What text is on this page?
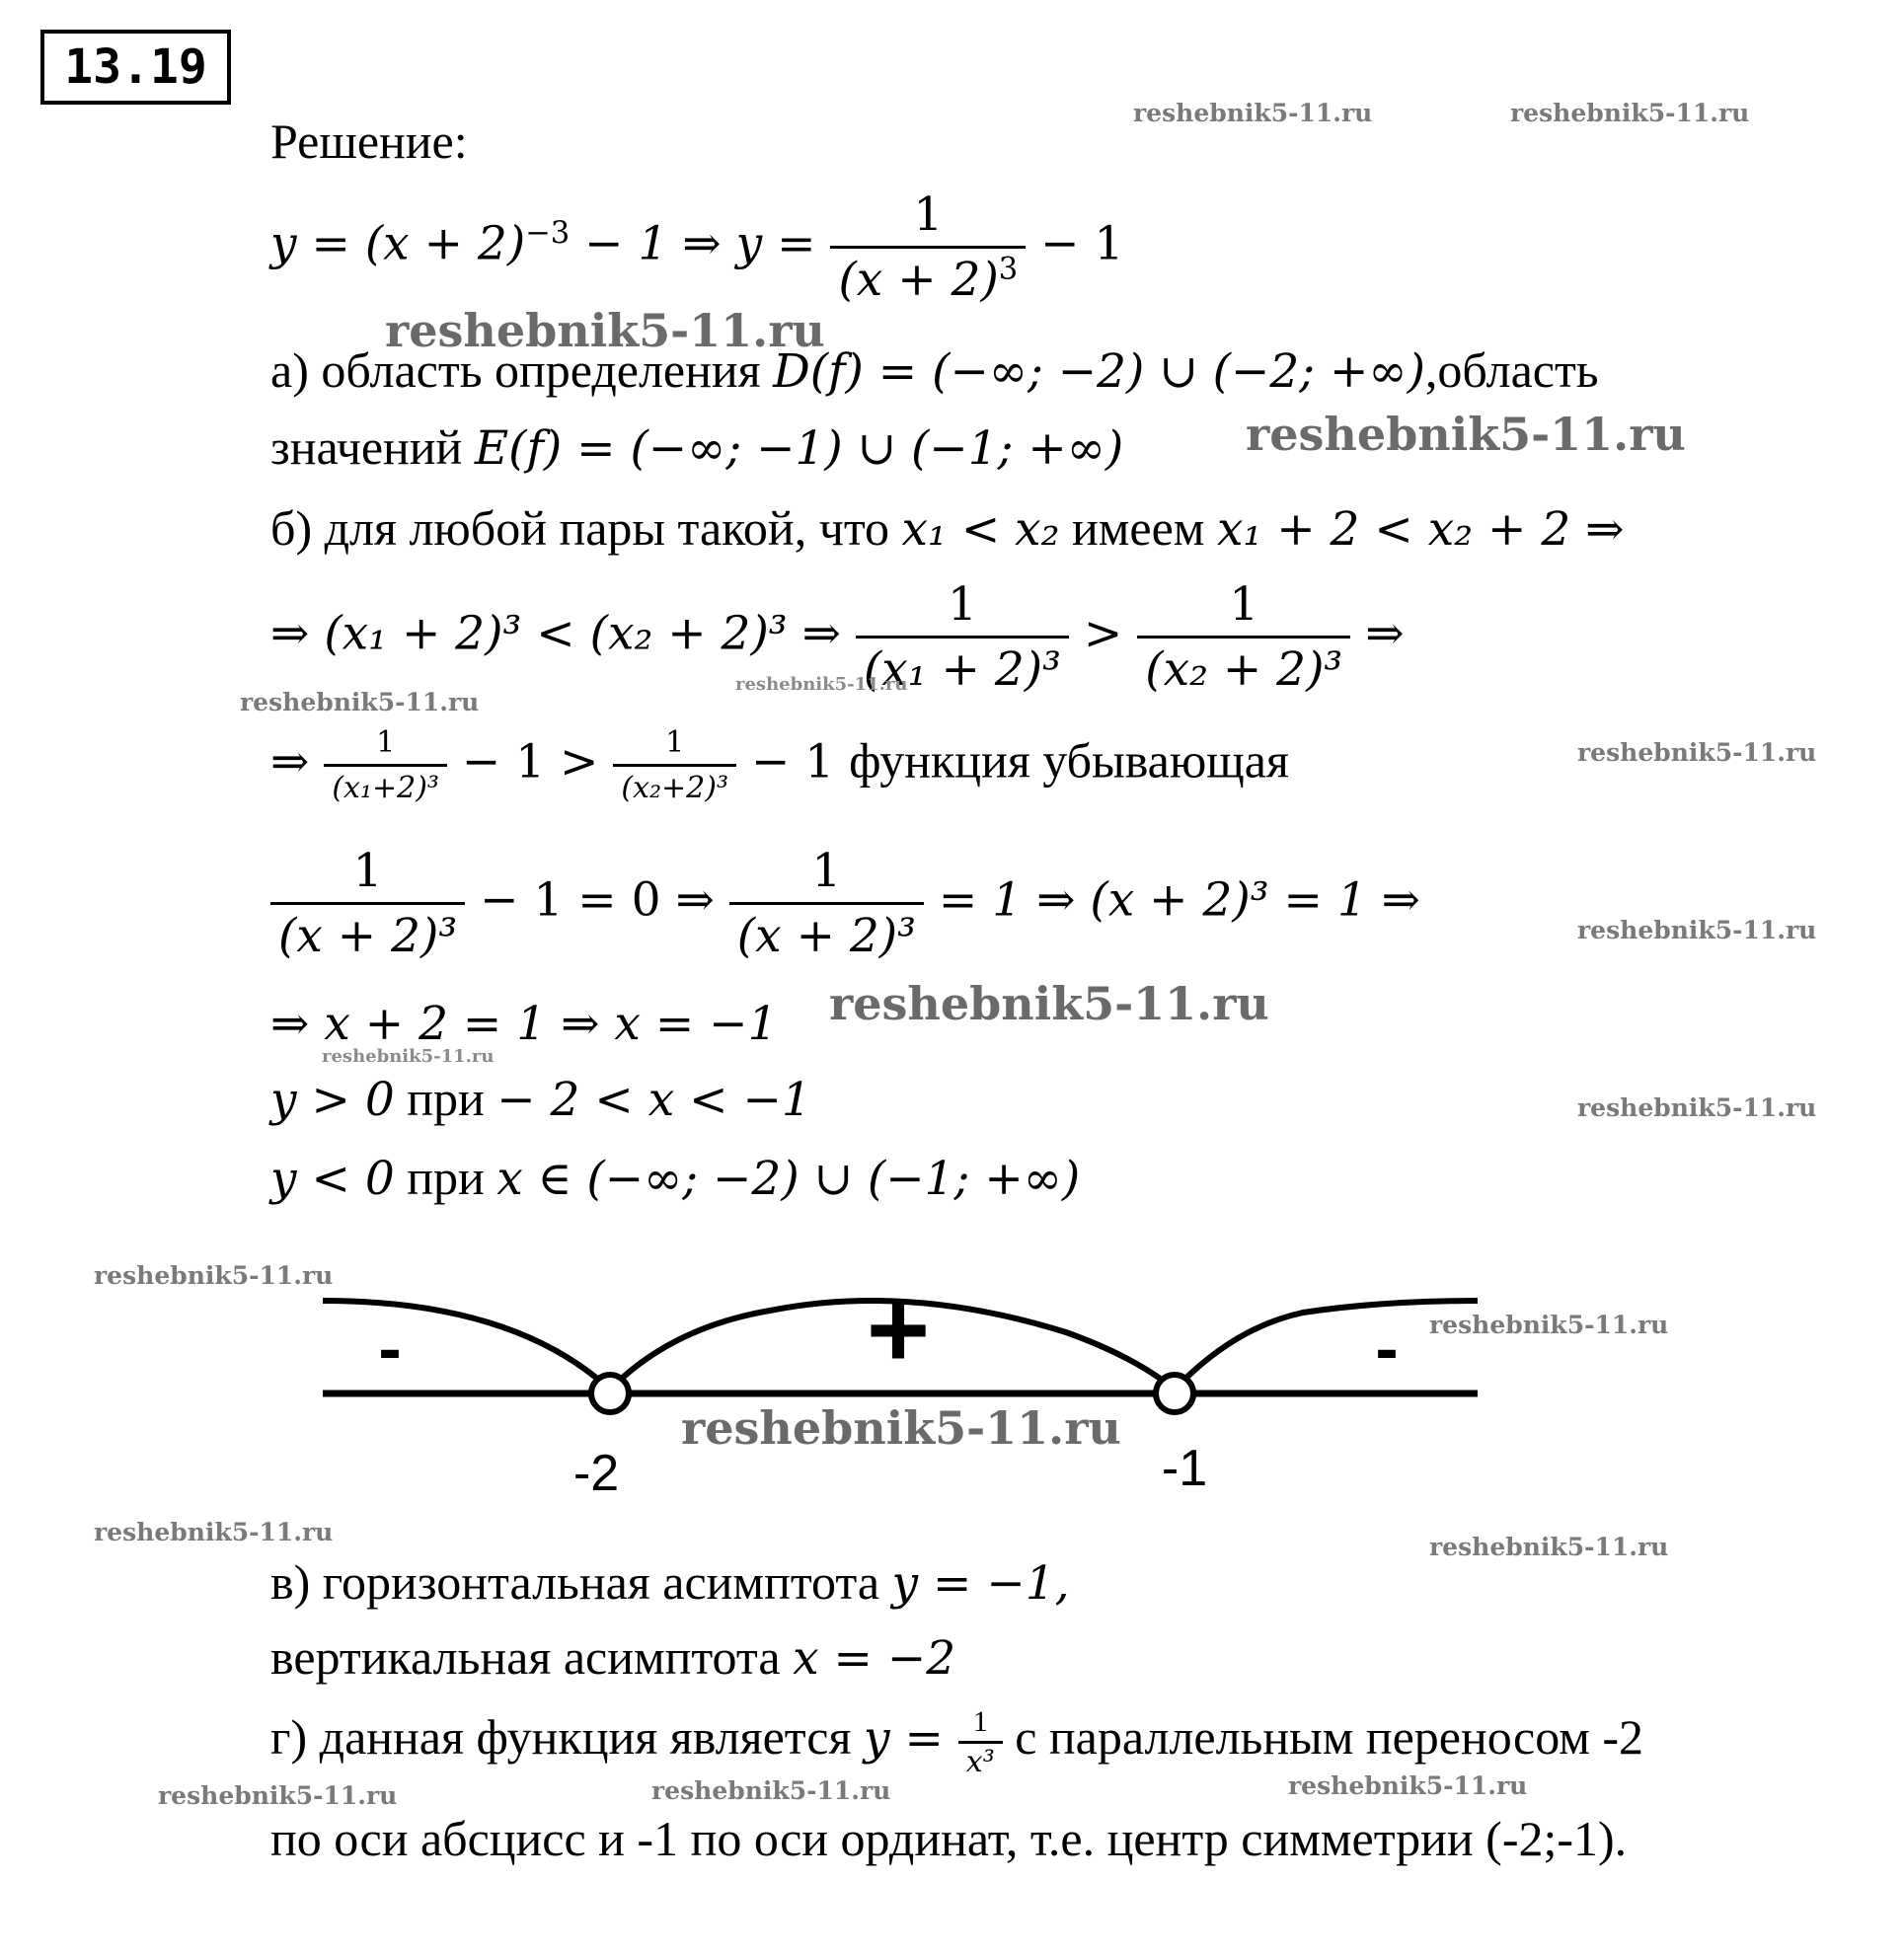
13.19
Решение:
$y = (x + 2)^{-3} - 1$ ⇒ $y = \frac{1}{(x + 2)^3} - 1$
а) область определения D(f) = (−∞; −2) ∪ (−2; +∞),область
значений E(f) = (−∞; −1) ∪ (−1; +∞)
б) для любой пары такой, что x₁ < x₂ имеем x₁ + 2 < x₂ + 2 ⇒
⇒ (x₁ + 2)³ < (x₂ + 2)³ ⇒ $\frac{1}{\text{(x₁ + 2)³}} > \frac{1}{\text{(x₂ + 2)³}}$ ⇒
⇒ $\frac{1}{\text{(x₁+2)³}} - 1 > \frac{1}{\text{(x₂+2)³}} - 1$ функция убывающая
$\frac{1}{\text{(x + 2)³}} - 1 = 0$ ⇒ $\frac{1}{\text{(x + 2)³}} = 1$ ⇒ (x + 2)³ = 1 ⇒
⇒ x + 2 = 1 ⇒ x = −1
y > 0 при − 2 < x < −1
y < 0 при x ∈ (−∞; −2) ∪ (−1; +∞)
-	+	-
-2	-1
в) горизонтальная асимптота y = −1,
вертикальная асимптота x = −2
г) данная функция является $y = \frac{1}{\text{x³}}$ с параллельным переносом -2
по оси абсцисс и -1 по оси ординат, т.е. центр симметрии (-2;-1).
reshebnik5-11.ru	reshebnik5-11.ru
reshebnik5-11.ru
reshebnik5-11.ru
reshebnik5-11.ru
reshebnik5-11.ru
reshebnik5-11.ru
reshebnik5-11.ru
reshebnik5-11.ru
reshebnik5-11.ru
reshebnik5-11.ru
reshebnik5-11.ru
reshebnik5-11.ru
reshebnik5-11.ru
reshebnik5-11.ru
reshebnik5-11.ru
reshebnik5-11.ru	reshebnik5-11.ru	reshebnik5-11.ru
